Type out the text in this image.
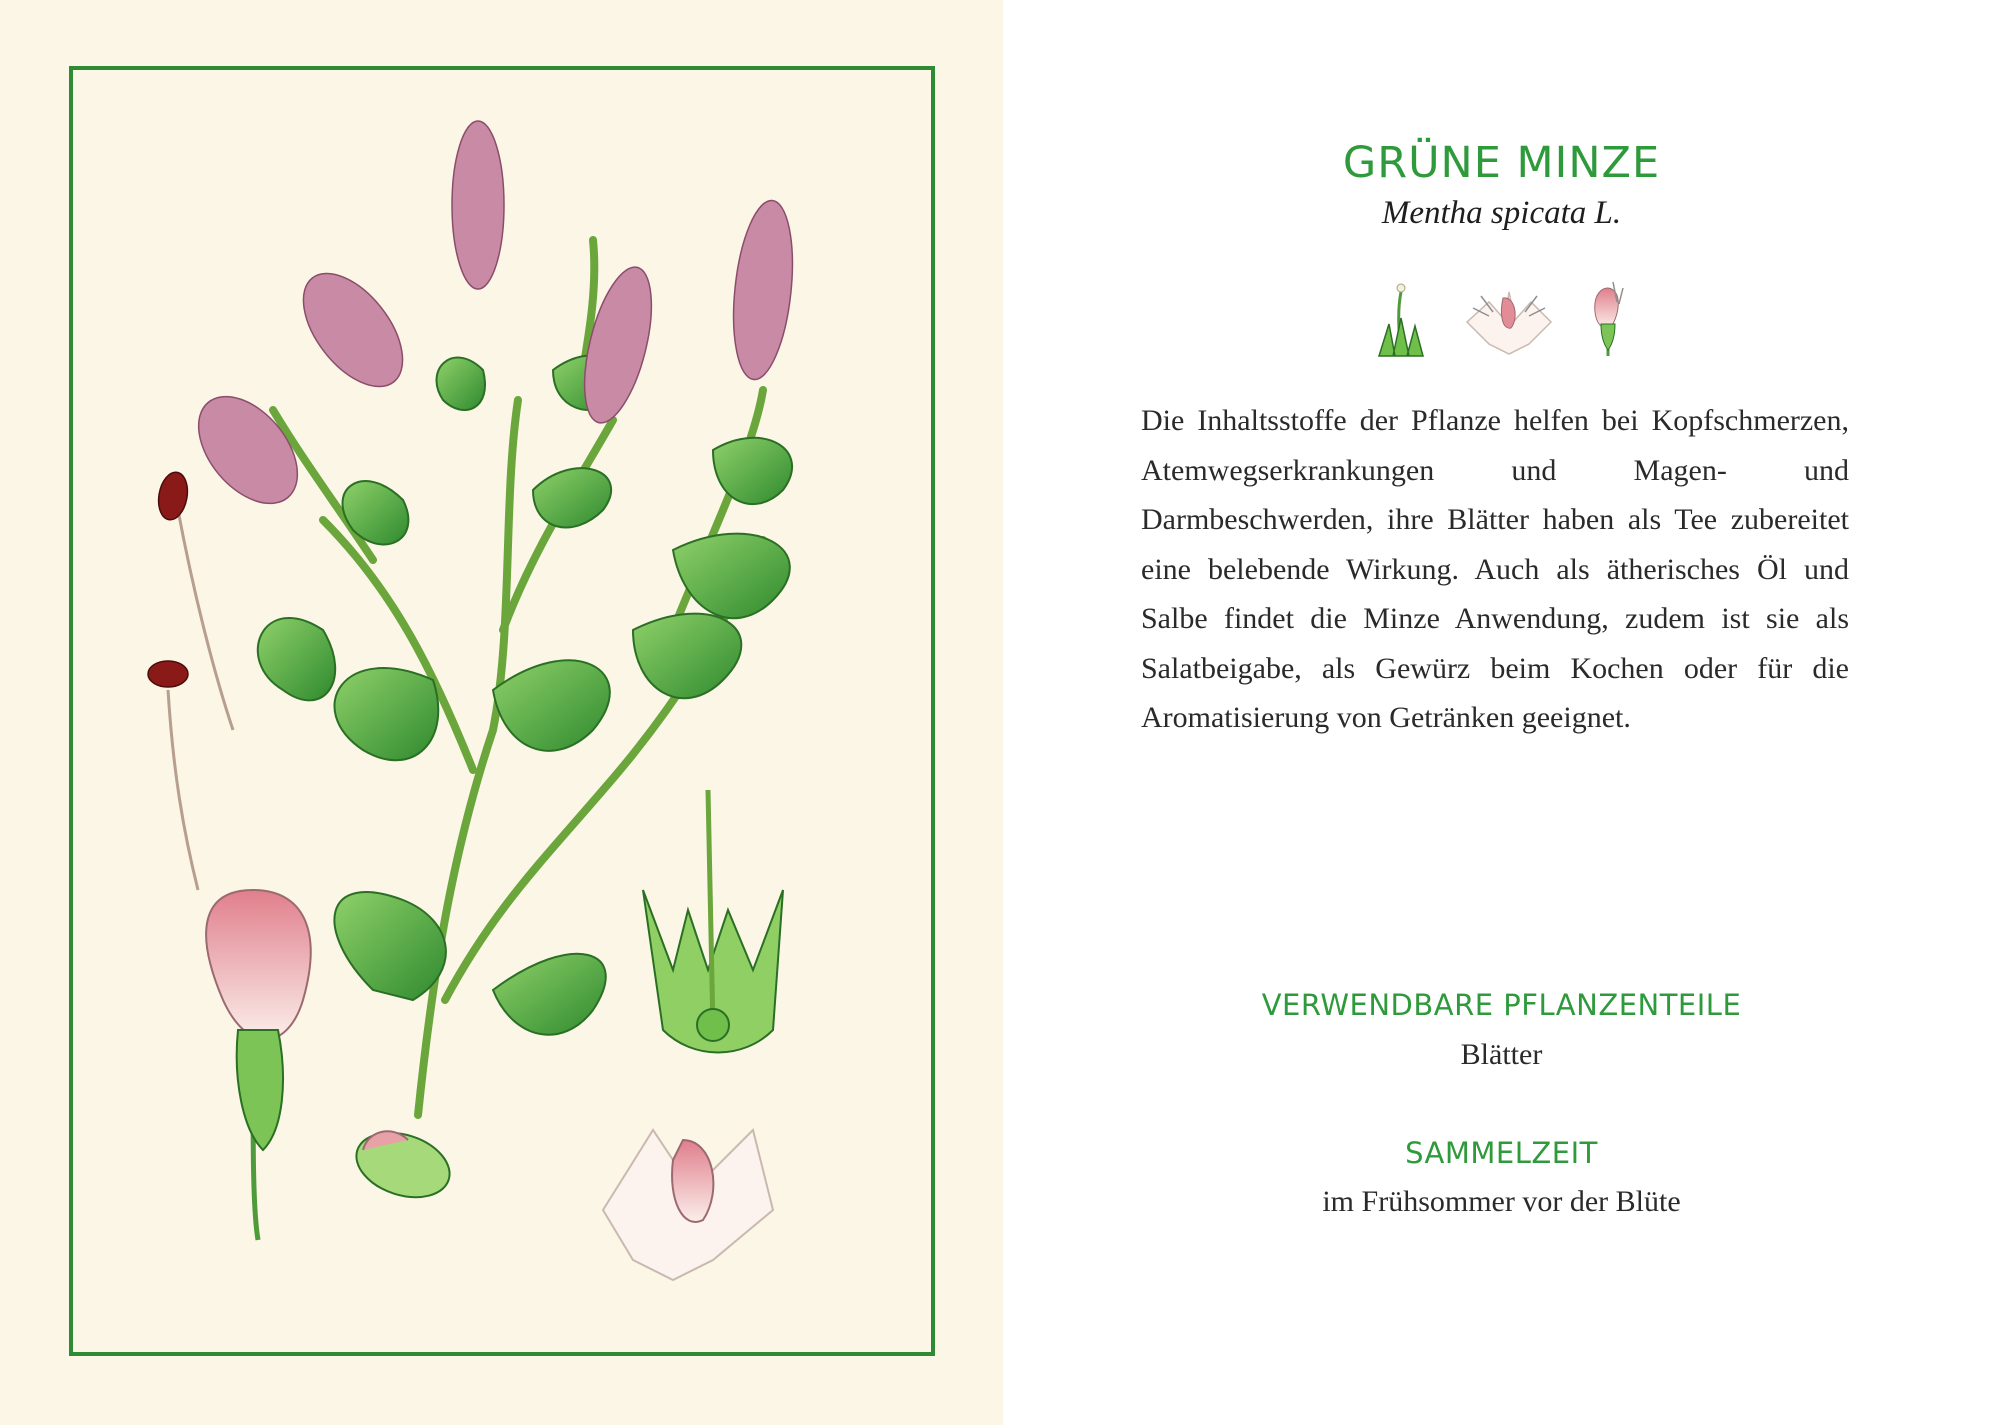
GRÜNE MINZE
Mentha spicata L.

Die Inhaltsstoffe der Pflanze helfen bei Kopfschmerzen, Atemwegserkrankungen und Magen- und Darmbeschwerden, ihre Blätter haben als Tee zubereitet eine belebende Wirkung. Auch als ätherisches Öl und Salbe findet die Minze Anwendung, zudem ist sie als Salatbeigabe, als Gewürz beim Kochen oder für die Aromatisierung von Getränken geeignet.

VERWENDBARE PFLANZENTEILE
Blätter
SAMMELZEIT
im Frühsommer vor der Blüte
